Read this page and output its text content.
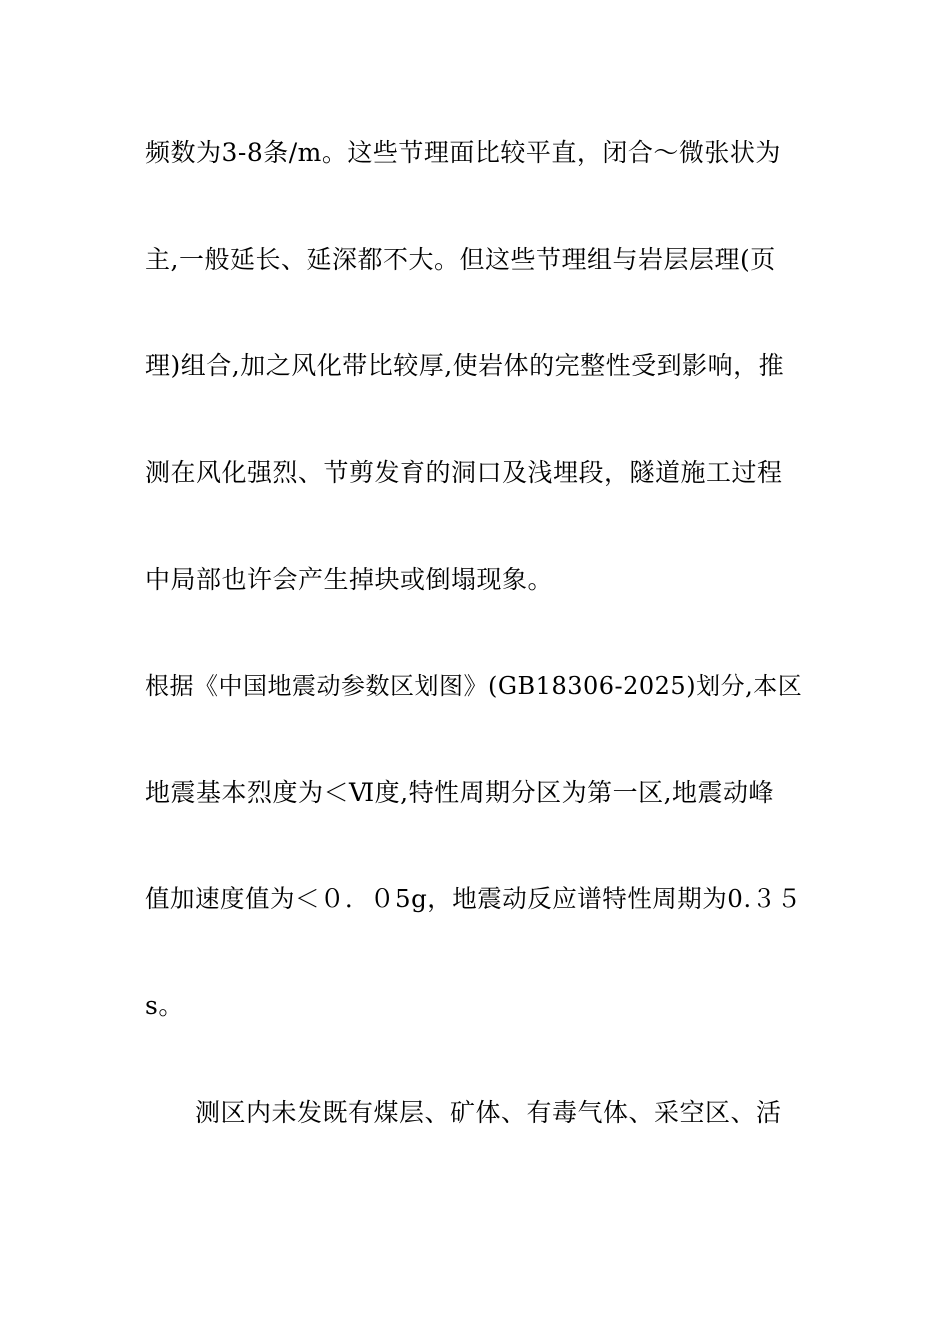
频数为3-8条/m。这些节理面比较平直，闭合～微张状为
主,一般延长、延深都不大。但这些节理组与岩层层理(页
理)组合,加之风化带比较厚,使岩体的完整性受到影响，推
测在风化强烈、节剪发育的洞口及浅埋段，隧道施工过程
中局部也许会产生掉块或倒塌现象。
根据《中国地震动参数区划图》(GB18306-2025)划分,本区
地震基本烈度为＜Ⅵ度,特性周期分区为第一区,地震动峰
值加速度值为＜０．０5g，地震动反应谱特性周期为0.３５
s。
测区内未发既有煤层、矿体、有毒气体、采空区、活
